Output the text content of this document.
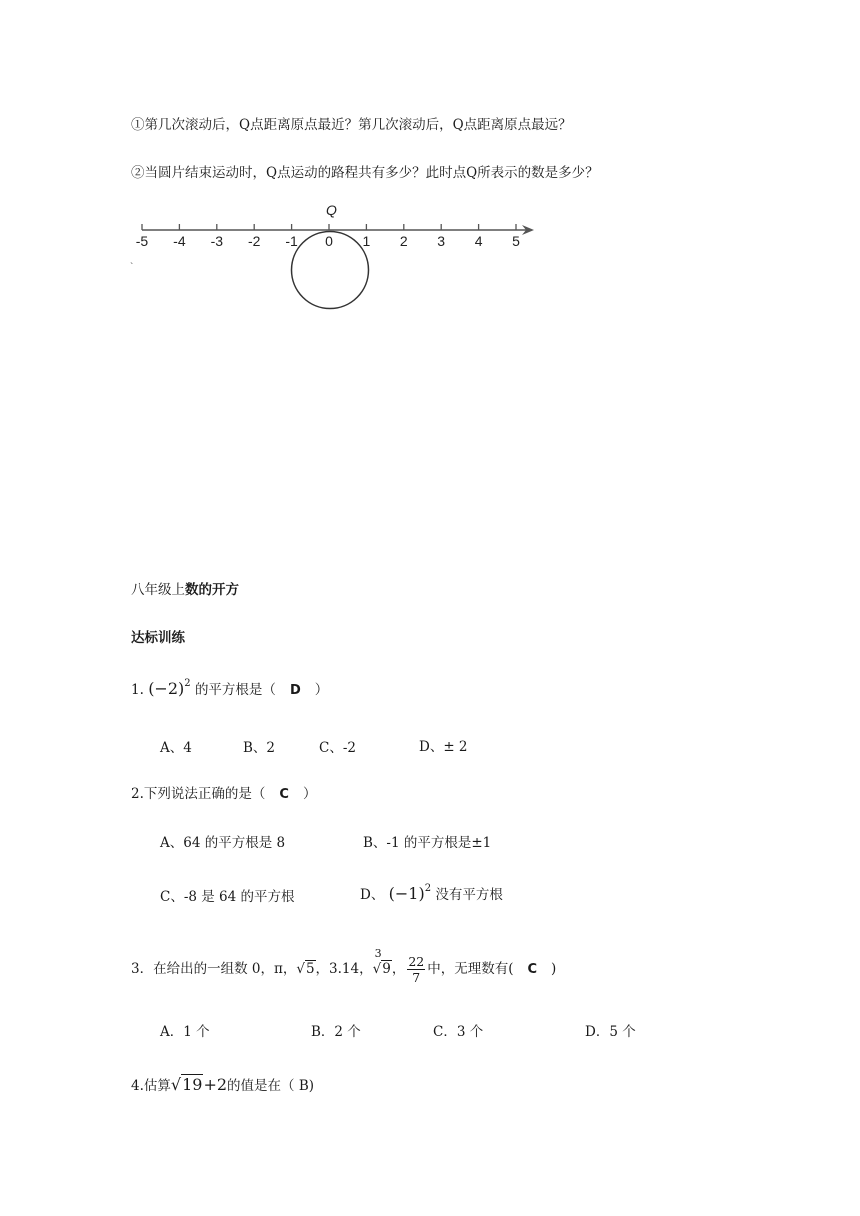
①第几次滚动后，Q点距离原点最近？第几次滚动后，Q点距离原点最远？
②当圆片结束运动时，Q点运动的路程共有多少？此时点Q所表示的数是多少？
-5 -4 -3 -2 -1 0 1 2 3 4 5
Q
`
八年级上数的开方
达标训练
1. $(-2)^2$ 的平方根是（ D ）
A、4	B、2	C、-2	D、± 2
2.下列说法正确的是（ C ）
A、64 的平方根是 8	B、-1 的平方根是±1
C、-8 是 64 的平方根	D、 $(-1)^2$ 没有平方根
3．在给出的一组数 0，π，√5，3.14，
3
√9， $\frac{22}{7}$ 中，无理数有( C )
A．1 个	B．2 个	C．3 个	D．5 个
4.估算√19+2的值是在（ B)
